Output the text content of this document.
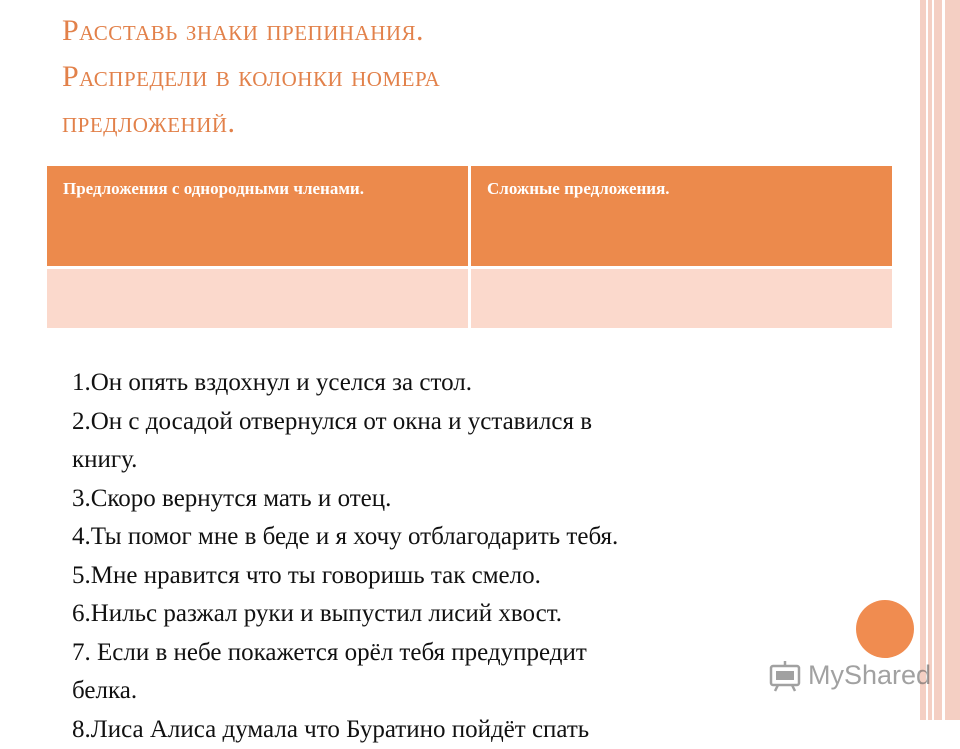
Расставь знаки препинания.
Распредели в колонки номера
предложений.
Предложения с однородными членами.	Сложные предложения.
1.Он опять вздохнул и уселся за стол.
2.Он с досадой отвернулся от окна и уставился в
книгу.
3.Скоро вернутся мать и отец.
4.Ты помог мне в беде и я хочу отблагодарить тебя.
5.Мне нравится что ты говоришь так смело.
6.Нильс разжал руки и выпустил лисий хвост.
7. Если в небе покажется орёл тебя предупредит
белка.
8.Лиса Алиса думала что Буратино пойдёт спать
MyShared
